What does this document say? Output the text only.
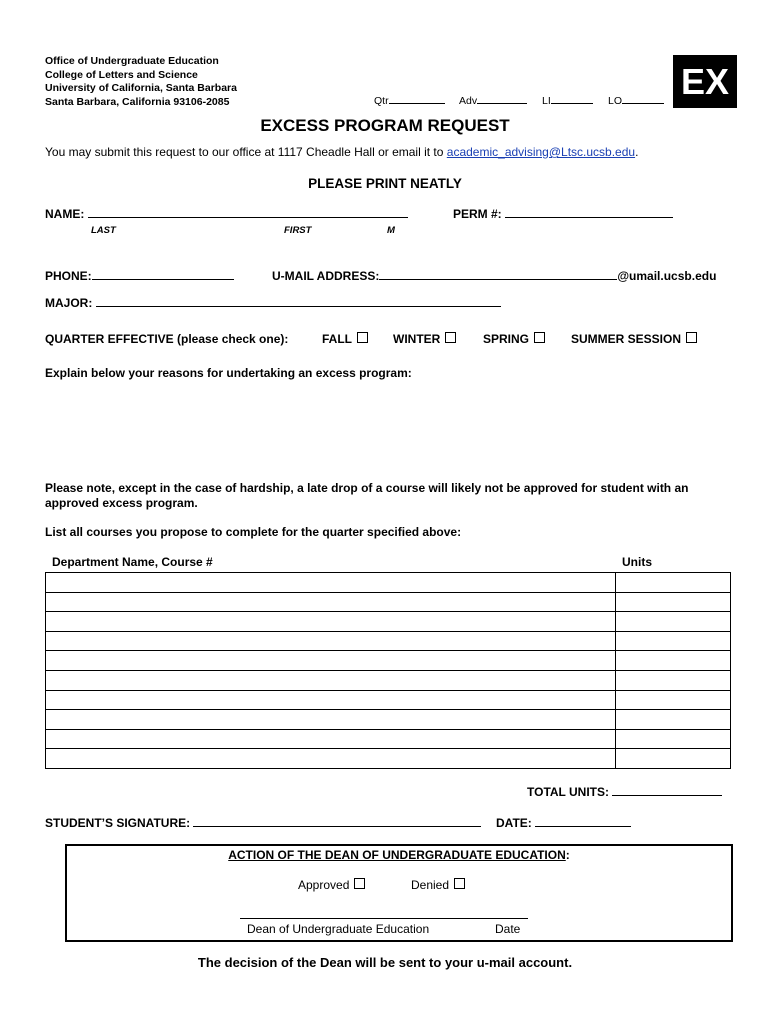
Office of Undergraduate Education
College of Letters and Science
University of California, Santa Barbara
Santa Barbara, California 93106-2085	Qtr	Adv	LI	LO	EX
EXCESS PROGRAM REQUEST
You may submit this request to our office at 1117 Cheadle Hall or email it to academic_advising@Ltsc.ucsb.edu.
PLEASE PRINT NEATLY
NAME:	PERM #:
LAST	FIRST	M
PHONE:	U-MAIL ADDRESS:	@umail.ucsb.edu
MAJOR:
QUARTER EFFECTIVE (please check one):	FALL	WINTER	SPRING	SUMMER SESSION
Explain below your reasons for undertaking an excess program:
Please note, except in the case of hardship, a late drop of a course will likely not be approved for student with an
approved excess program.
List all courses you propose to complete for the quarter specified above:
Department Name, Course #	Units

TOTAL UNITS:
STUDENT’S SIGNATURE:	DATE:
ACTION OF THE DEAN OF UNDERGRADUATE EDUCATION:
Approved	Denied
Dean of Undergraduate Education	Date
The decision of the Dean will be sent to your u-mail account.
